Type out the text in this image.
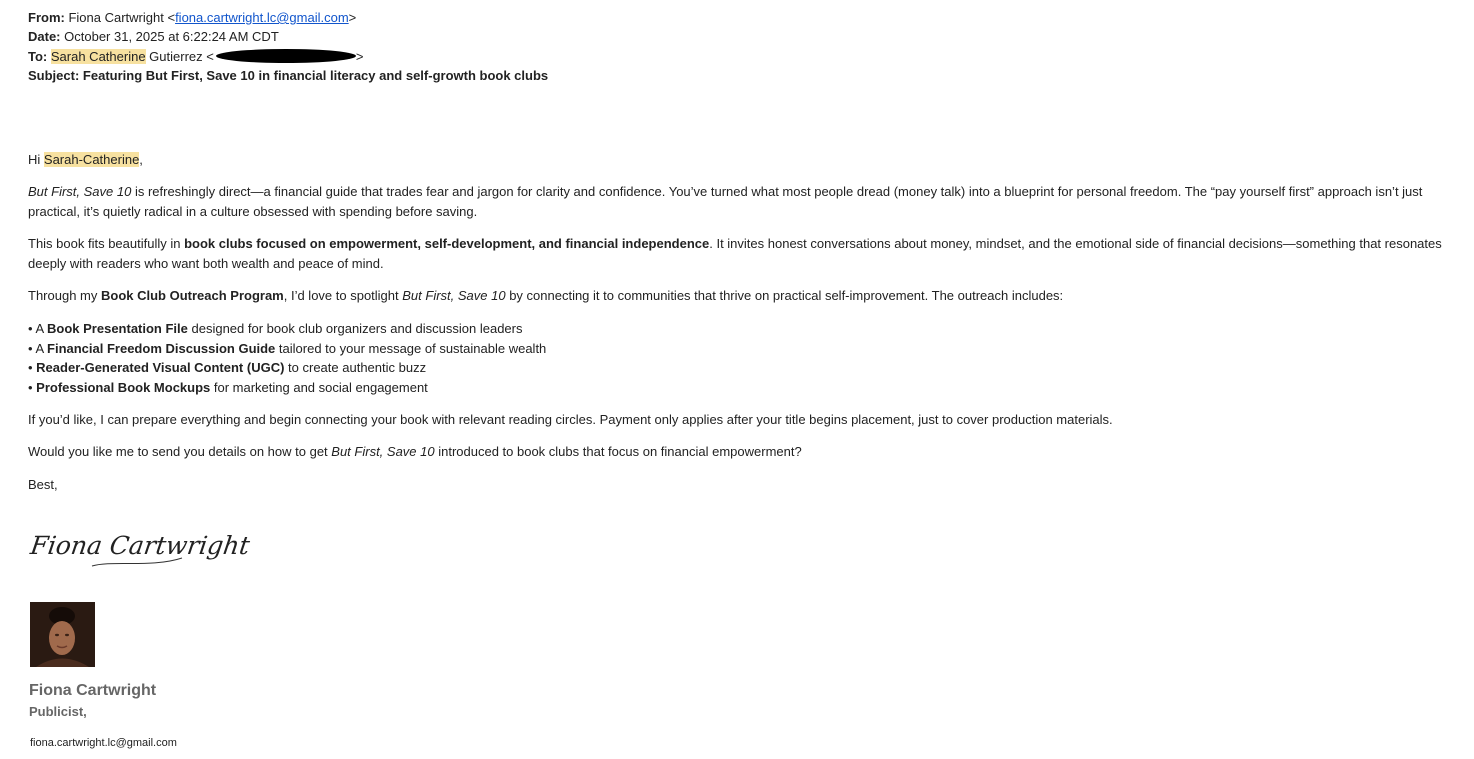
From: Fiona Cartwright <fiona.cartwright.lc@gmail.com>
Date: October 31, 2025 at 6:22:24 AM CDT
To: Sarah Catherine Gutierrez <	>
Subject: Featuring But First, Save 10 in financial literacy and self-growth book clubs
Hi Sarah-Catherine,
But First, Save 10 is refreshingly direct—a financial guide that trades fear and jargon for clarity and confidence. You’ve turned what most people dread (money talk) into a blueprint for personal freedom. The “pay yourself first” approach isn’t just practical, it’s quietly radical in a culture obsessed with spending before saving.
This book fits beautifully in book clubs focused on empowerment, self-development, and financial independence. It invites honest conversations about money, mindset, and the emotional side of financial decisions—something that resonates deeply with readers who want both wealth and peace of mind.
Through my Book Club Outreach Program, I’d love to spotlight But First, Save 10 by connecting it to communities that thrive on practical self-improvement. The outreach includes:
• A Book Presentation File designed for book club organizers and discussion leaders
• A Financial Freedom Discussion Guide tailored to your message of sustainable wealth
• Reader-Generated Visual Content (UGC) to create authentic buzz
• Professional Book Mockups for marketing and social engagement
If you’d like, I can prepare everything and begin connecting your book with relevant reading circles. Payment only applies after your title begins placement, just to cover production materials.
Would you like me to send you details on how to get But First, Save 10 introduced to book clubs that focus on financial empowerment?
Best,
Fiona Cartwright
Fiona Cartwright
Publicist,
fiona.cartwright.lc@gmail.com
